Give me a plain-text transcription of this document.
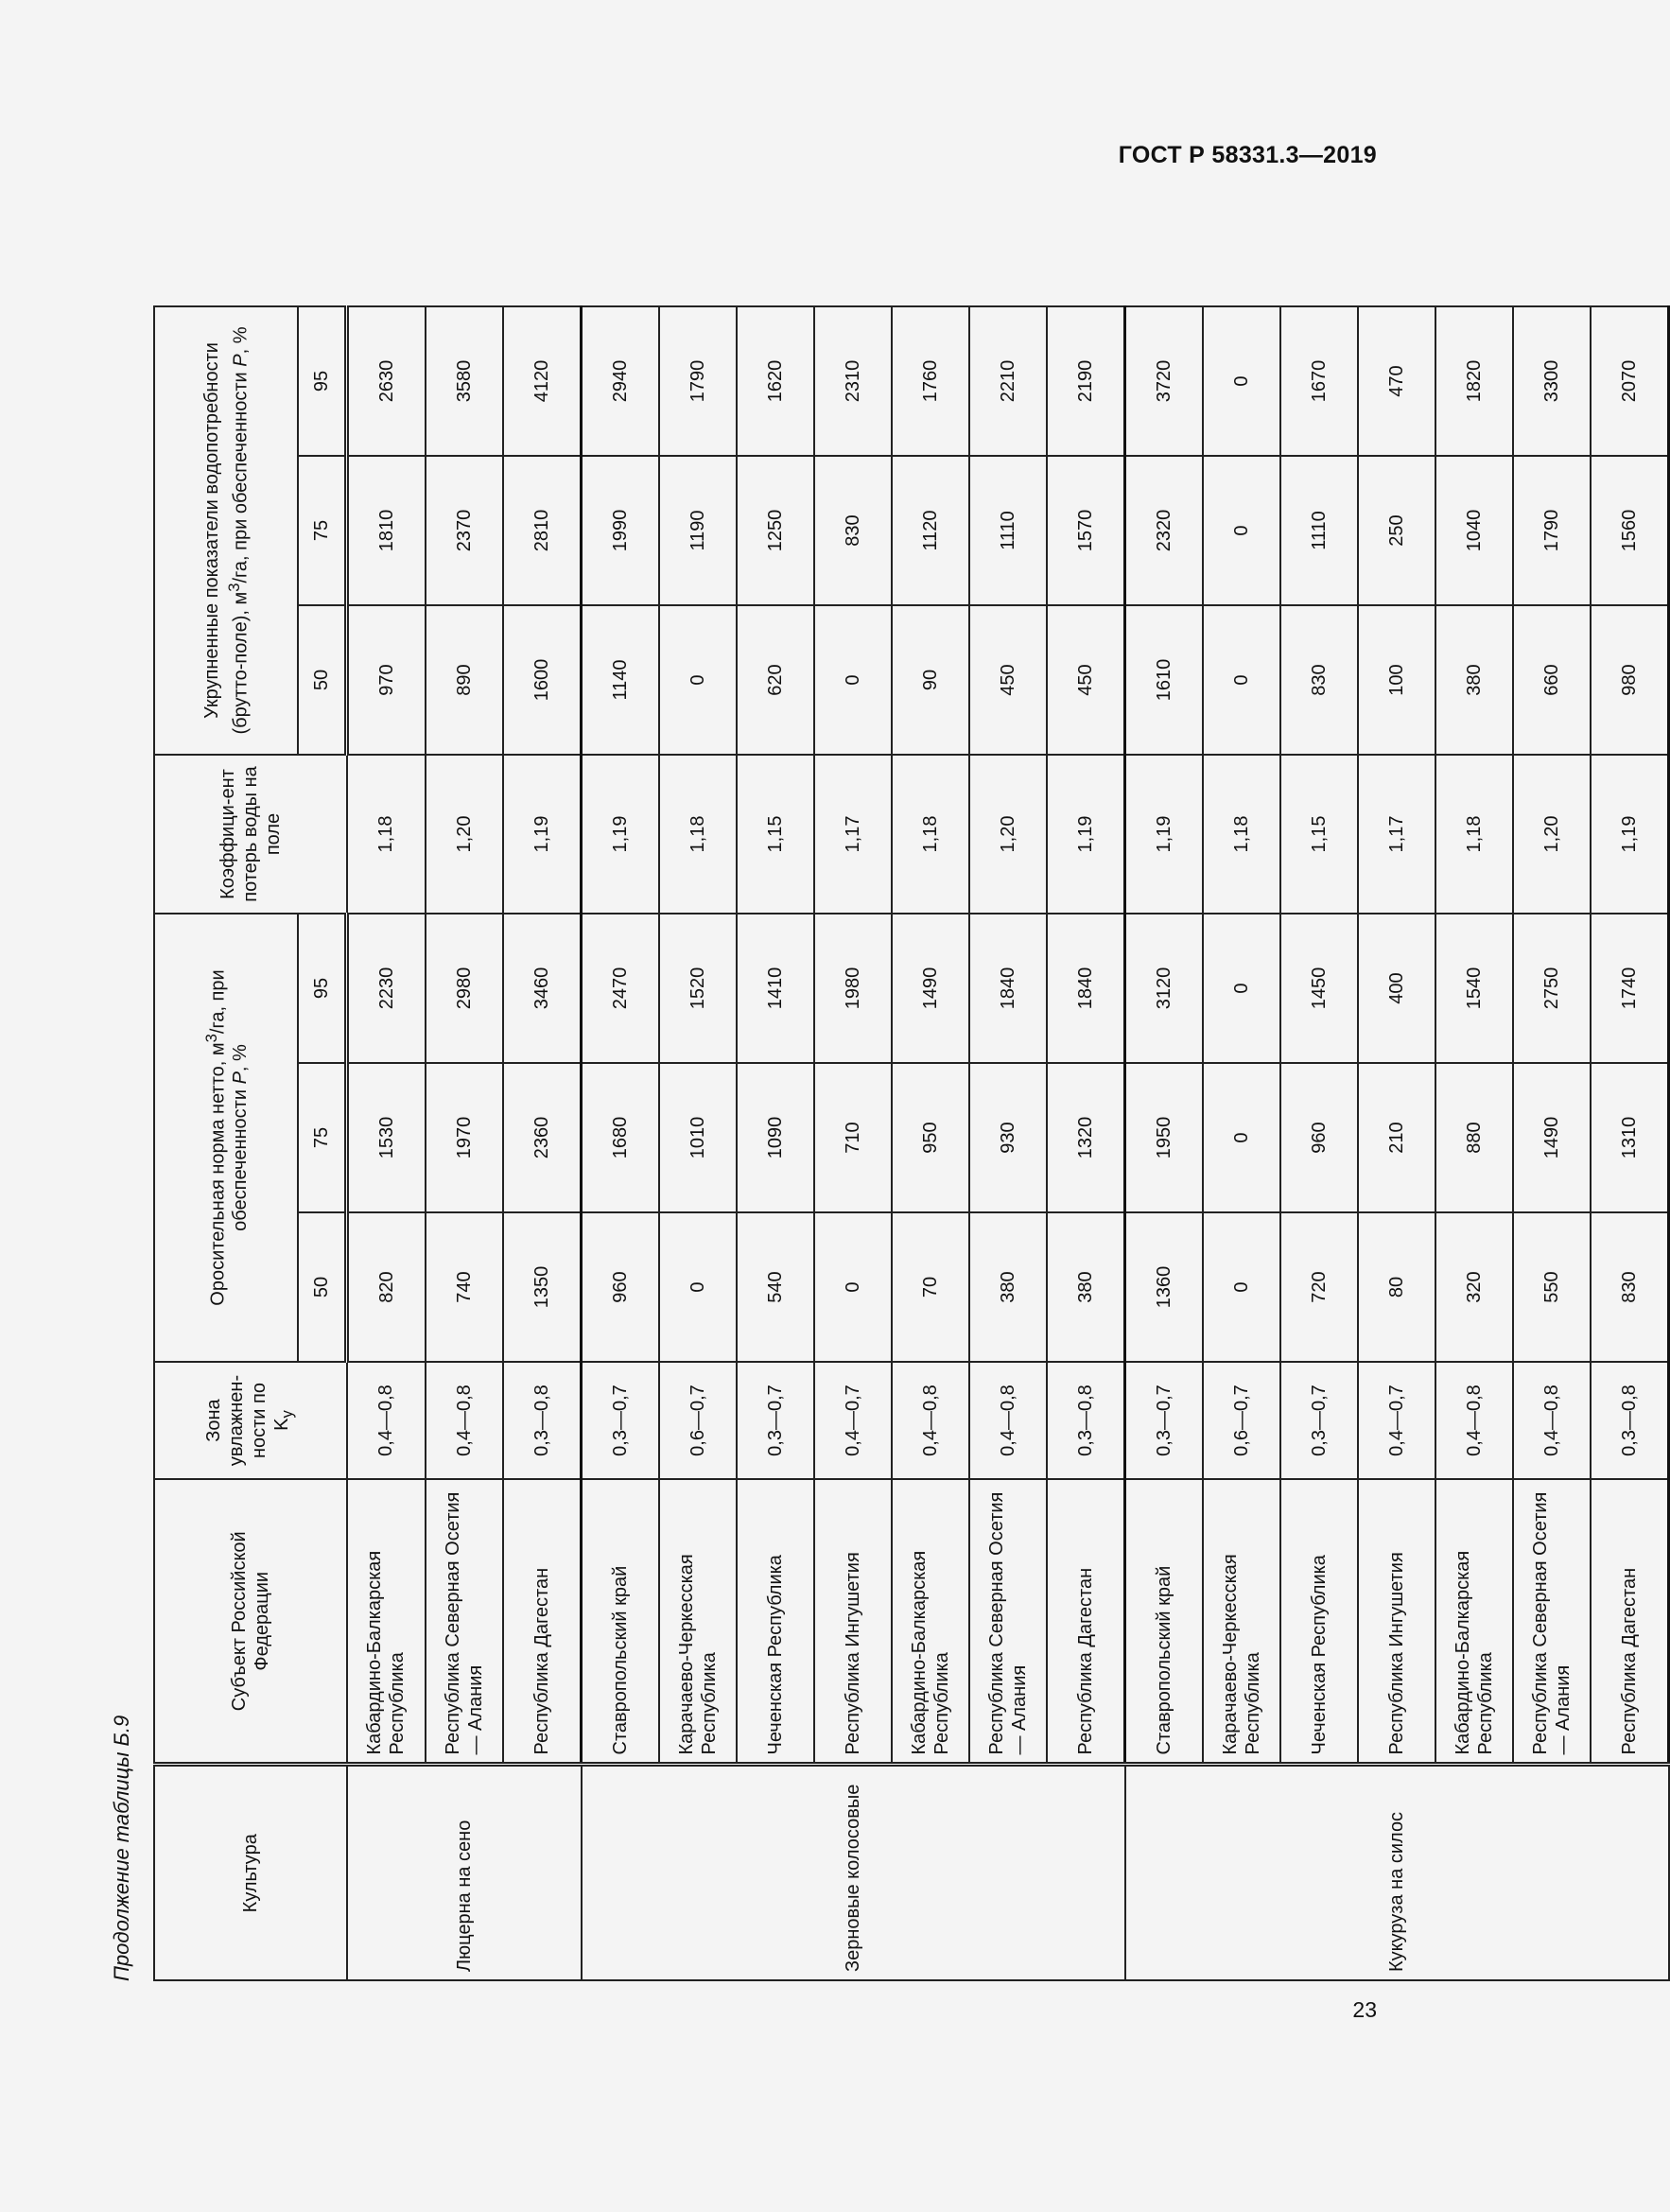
ГОСТ Р 58331.3—2019
Продолжение таблицы Б.9	Культура	Субъект Российской Федерации	Зона увлажнен-ности по $K_у$	Оросительная норма нетто, $м^3/га$, при обеспеченности P, %			Коэффици-ент потерь воды на поле	Укрупненные показатели водопотребности (брутто-поле), $м^3/га$, при обеспеченности P, %		
			50	75	95		50	75	95
Люцерна на сено	Кабардино-Балкарская Республика	0,4—0,8	820	1530	2230	1,18	970	1810	2630
	Республика Северная Осетия — Алания	0,4—0,8	740	1970	2980	1,20	890	2370	3580
	Республика Дагестан	0,3—0,8	1350	2360	3460	1,19	1600	2810	4120
Зерновые колосовые	Ставропольский край	0,3—0,7	960	1680	2470	1,19	1140	1990	2940
	Карачаево-Черкесская Республика	0,6—0,7	0	1010	1520	1,18	0	1190	1790
	Чеченская Республика	0,3—0,7	540	1090	1410	1,15	620	1250	1620
	Республика Ингушетия	0,4—0,7	0	710	1980	1,17	0	830	2310
	Кабардино-Балкарская Республика	0,4—0,8	70	950	1490	1,18	90	1120	1760
	Республика Северная Осетия — Алания	0,4—0,8	380	930	1840	1,20	450	1110	2210
	Республика Дагестан	0,3—0,8	380	1320	1840	1,19	450	1570	2190
Кукуруза на силос	Ставропольский край	0,3—0,7	1360	1950	3120	1,19	1610	2320	3720
	Карачаево-Черкесская Республика	0,6—0,7	0	0	0	1,18	0	0	0
	Чеченская Республика	0,3—0,7	720	960	1450	1,15	830	1110	1670
	Республика Ингушетия	0,4—0,7	80	210	400	1,17	100	250	470
	Кабардино-Балкарская Республика	0,4—0,8	320	880	1540	1,18	380	1040	1820
	Республика Северная Осетия — Алания	0,4—0,8	550	1490	2750	1,20	660	1790	3300
	Республика Дагестан	0,3—0,8	830	1310	1740	1,19	980	1560	2070
23
